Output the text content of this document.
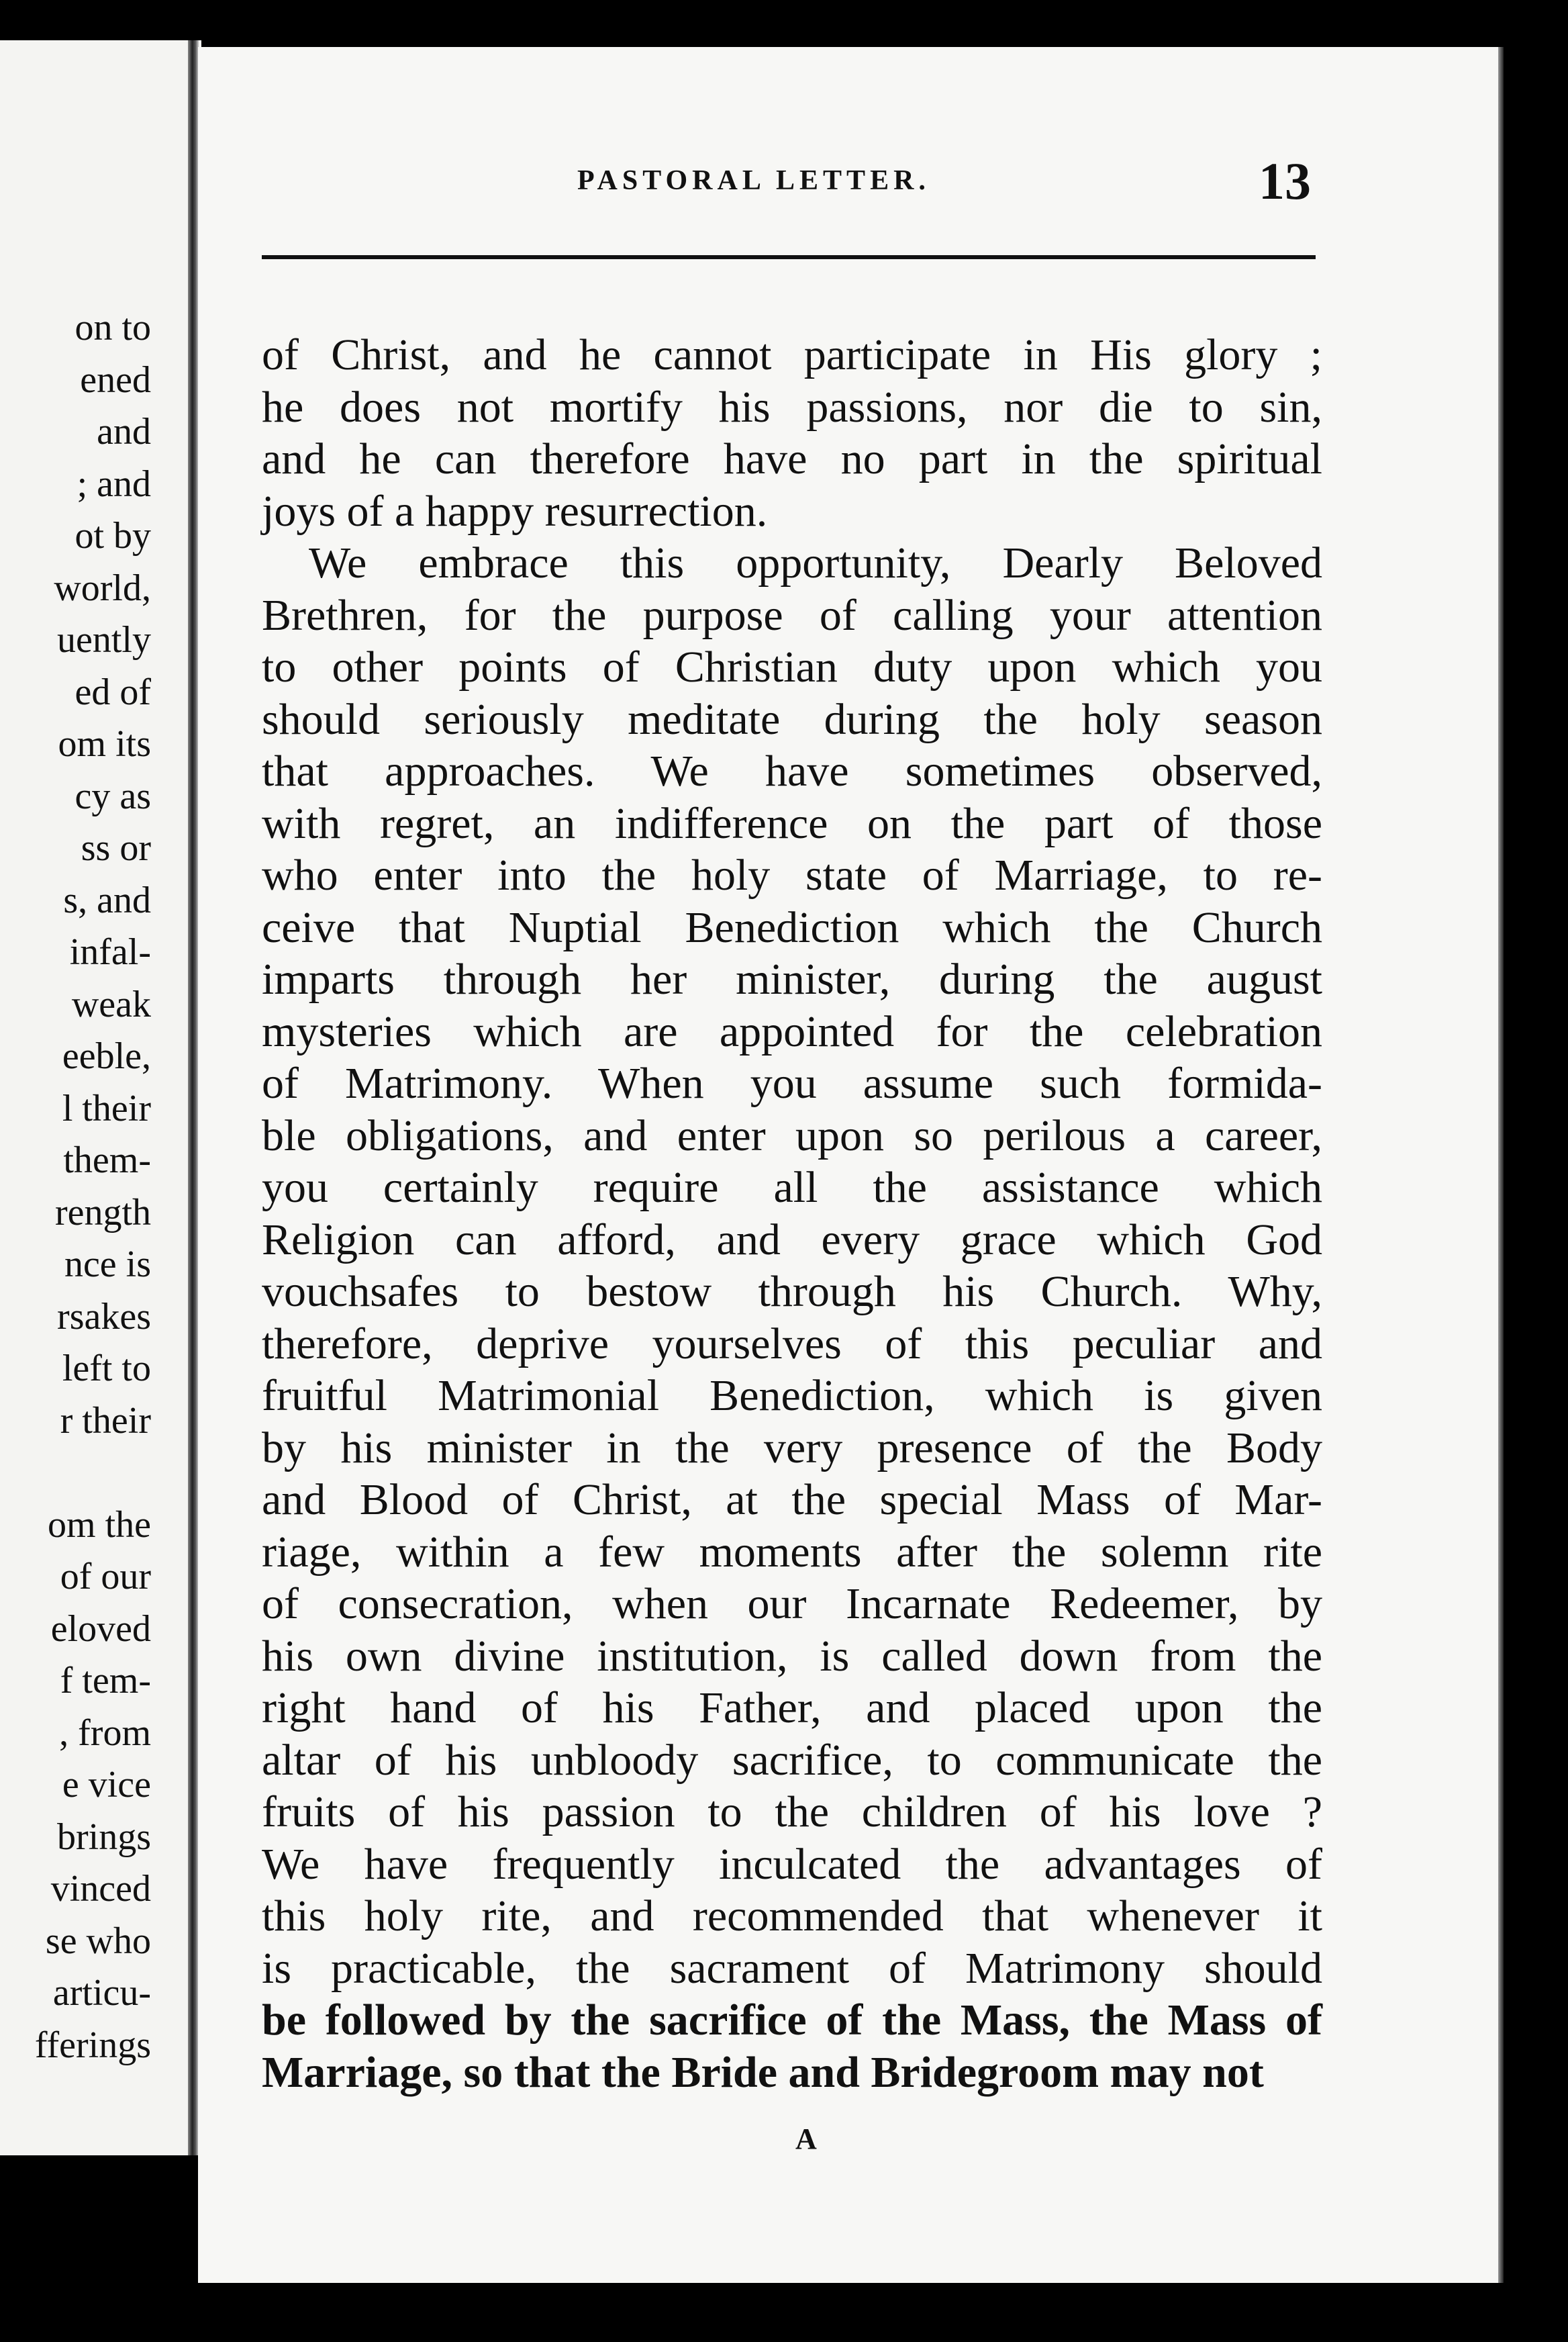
on to
ened
and
; and
ot by
world,
uently
ed of
om its
cy as
ss or
s, and
infal-
weak
eeble,
l their
them-
rength
nce is
rsakes
left to
r their
om the
of our
eloved
f tem-
, from
e vice
brings
vinced
se who
articu-
fferings
PASTORAL LETTER.	13
of Christ, and he cannot participate in His glory ;
he does not mortify his passions, nor die to sin,
and he can therefore have no part in the spiritual
joys of a happy resurrection.
We embrace this opportunity, Dearly Beloved
Brethren, for the purpose of calling your attention
to other points of Christian duty upon which you
should seriously meditate during the holy season
that approaches. We have sometimes observed,
with regret, an indifference on the part of those
who enter into the holy state of Marriage, to re-
ceive that Nuptial Benediction which the Church
imparts through her minister, during the august
mysteries which are appointed for the celebration
of Matrimony. When you assume such formida-
ble obligations, and enter upon so perilous a career,
you certainly require all the assistance which
Religion can afford, and every grace which God
vouchsafes to bestow through his Church. Why,
therefore, deprive yourselves of this peculiar and
fruitful Matrimonial Benediction, which is given
by his minister in the very presence of the Body
and Blood of Christ, at the special Mass of Mar-
riage, within a few moments after the solemn rite
of consecration, when our Incarnate Redeemer, by
his own divine institution, is called down from the
right hand of his Father, and placed upon the
altar of his unbloody sacrifice, to communicate the
fruits of his passion to the children of his love ?
We have frequently inculcated the advantages of
this holy rite, and recommended that whenever it
is practicable, the sacrament of Matrimony should
be followed by the sacrifice of the Mass, the Mass of
Marriage, so that the Bride and Bridegroom may not
A
